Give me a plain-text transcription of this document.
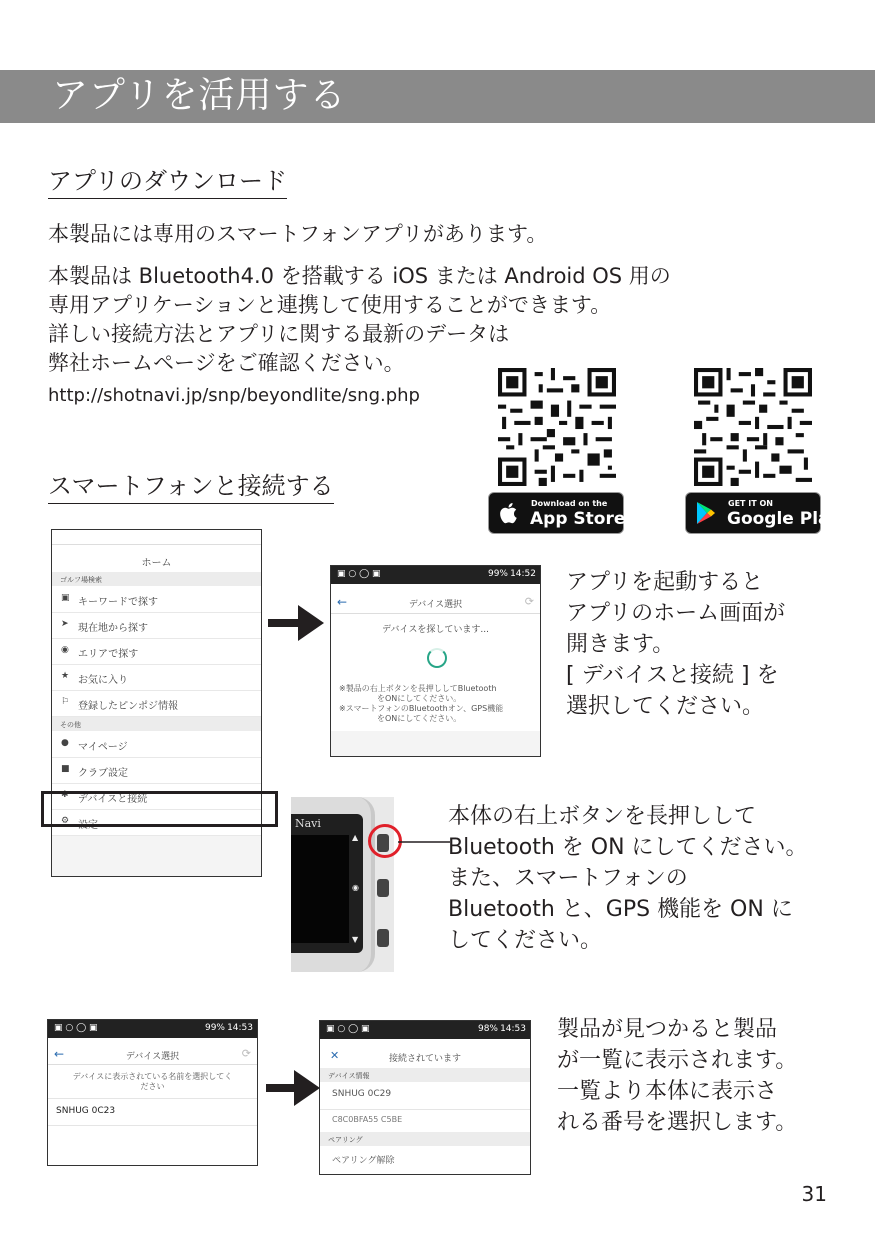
アプリを活用する
アプリのダウンロード
本製品には専用のスマートフォンアプリがあります。
本製品は Bluetooth4.0 を搭載する iOS または Android OS 用の
専用アプリケーションと連携して使用することができます。
詳しい接続方法とアプリに関する最新のデータは
弊社ホームページをご確認ください。
http://shotnavi.jp/snp/beyondlite/sng.php
Download on the
App Store
GET IT ON
Google Play
スマートフォンと接続する
ホーム
ゴルフ場検索
▣ キーワードで探す
➤ 現在地から探す
◉ エリアで探す
★ お気に入り
⚐ 登録したピンポジ情報
その他
● マイページ
■ クラブ設定
✱ デバイスと接続
⚙ 設定
▣ ○ ◯ ▣	99% 14:52
←	デバイス選択	⟳
デバイスを探しています...
※製品の右上ボタンを長押ししてBluetooth
をONにしてください。
※スマートフォンのBluetoothオン、GPS機能
をONにしてください。
アプリを起動すると
アプリのホーム画面が
開きます。
[ デバイスと接続 ] を
選択してください。
Navi
▲
◉
▼
本体の右上ボタンを長押しして
Bluetooth を ON にしてください。
また、スマートフォンの
Bluetooth と、GPS 機能を ON に
してください。
▣ ○ ◯ ▣	99% 14:53
←	デバイス選択	⟳
デバイスに表示されている名前を選択してく
ださい
SNHUG 0C23
▣ ○ ◯ ▣	98% 14:53
✕	接続されています
デバイス情報
SNHUG 0C29
C8C0BFA55 C5BE
ペアリング
ペアリング解除
製品が見つかると製品
が一覧に表示されます。
一覧より本体に表示さ
れる番号を選択します。
31
